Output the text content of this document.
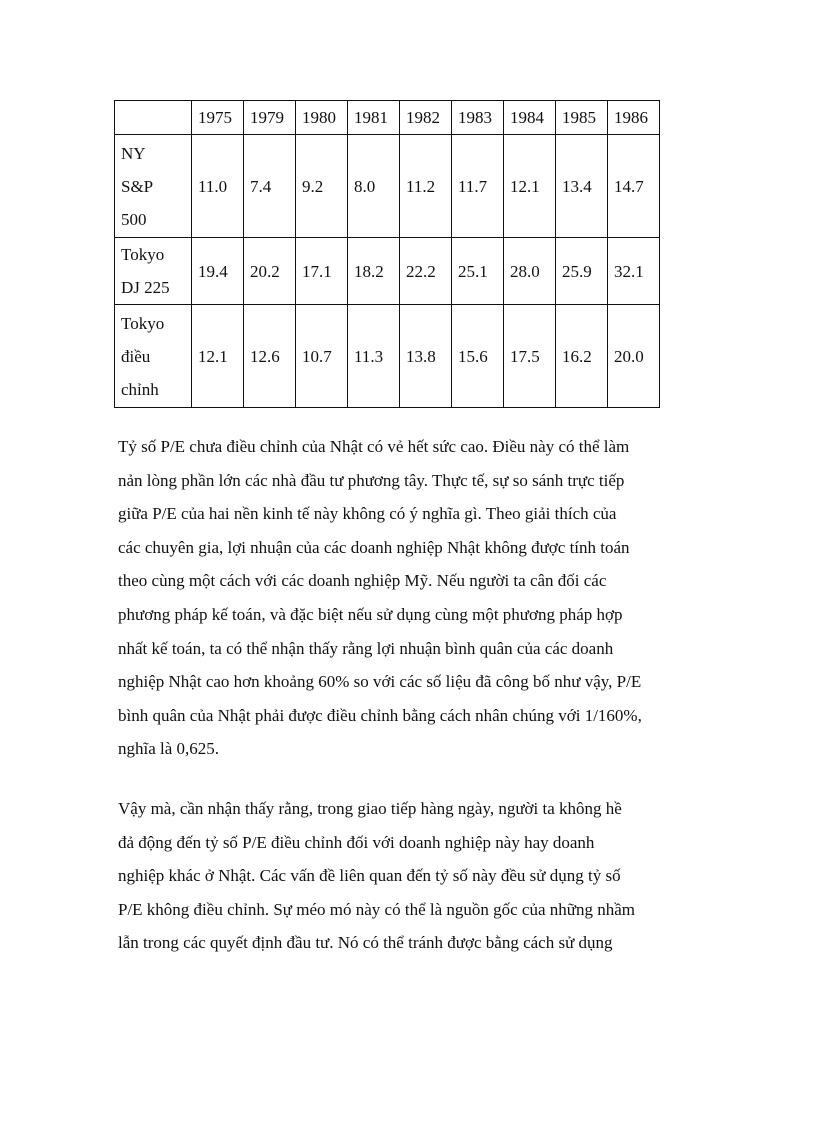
	1975	1979	1980	1981	1982	1983	1984	1985	1986

NY
S&P
500	11.0	7.4	9.2	8.0	11.2	11.7	12.1	13.4	14.7

Tokyo
DJ 225	19.4	20.2	17.1	18.2	22.2	25.1	28.0	25.9	32.1

Tokyo
điều
chỉnh	12.1	12.6	10.7	11.3	13.8	15.6	17.5	16.2	20.0
Tỷ số P/E chưa điều chỉnh của Nhật có vẻ hết sức cao. Điều này có thể làm
nản lòng phần lớn các nhà đầu tư phương tây. Thực tế, sự so sánh trực tiếp
giữa P/E của hai nền kinh tế này không có ý nghĩa gì. Theo giải thích của
các chuyên gia, lợi nhuận của các doanh nghiệp Nhật không được tính toán
theo cùng một cách với các doanh nghiệp Mỹ. Nếu người ta cân đối các
phương pháp kế toán, và đặc biệt nếu sử dụng cùng một phương pháp hợp
nhất kế toán, ta có thể nhận thấy rằng lợi nhuận bình quân của các doanh
nghiệp Nhật cao hơn khoảng 60% so với các số liệu đã công bố như vậy, P/E
bình quân của Nhật phải được điều chỉnh bằng cách nhân chúng với 1/160%,
nghĩa là 0,625.
Vậy mà, cần nhận thấy rằng, trong giao tiếp hàng ngày, người ta không hề
đả động đến tỷ số P/E điều chỉnh đối với doanh nghiệp này hay doanh
nghiệp khác ở Nhật. Các vấn đề liên quan đến tỷ số này đều sử dụng tỷ số
P/E không điều chỉnh. Sự méo mó này có thể là nguồn gốc của những nhầm
lẫn trong các quyết định đầu tư. Nó có thể tránh được bằng cách sử dụng
